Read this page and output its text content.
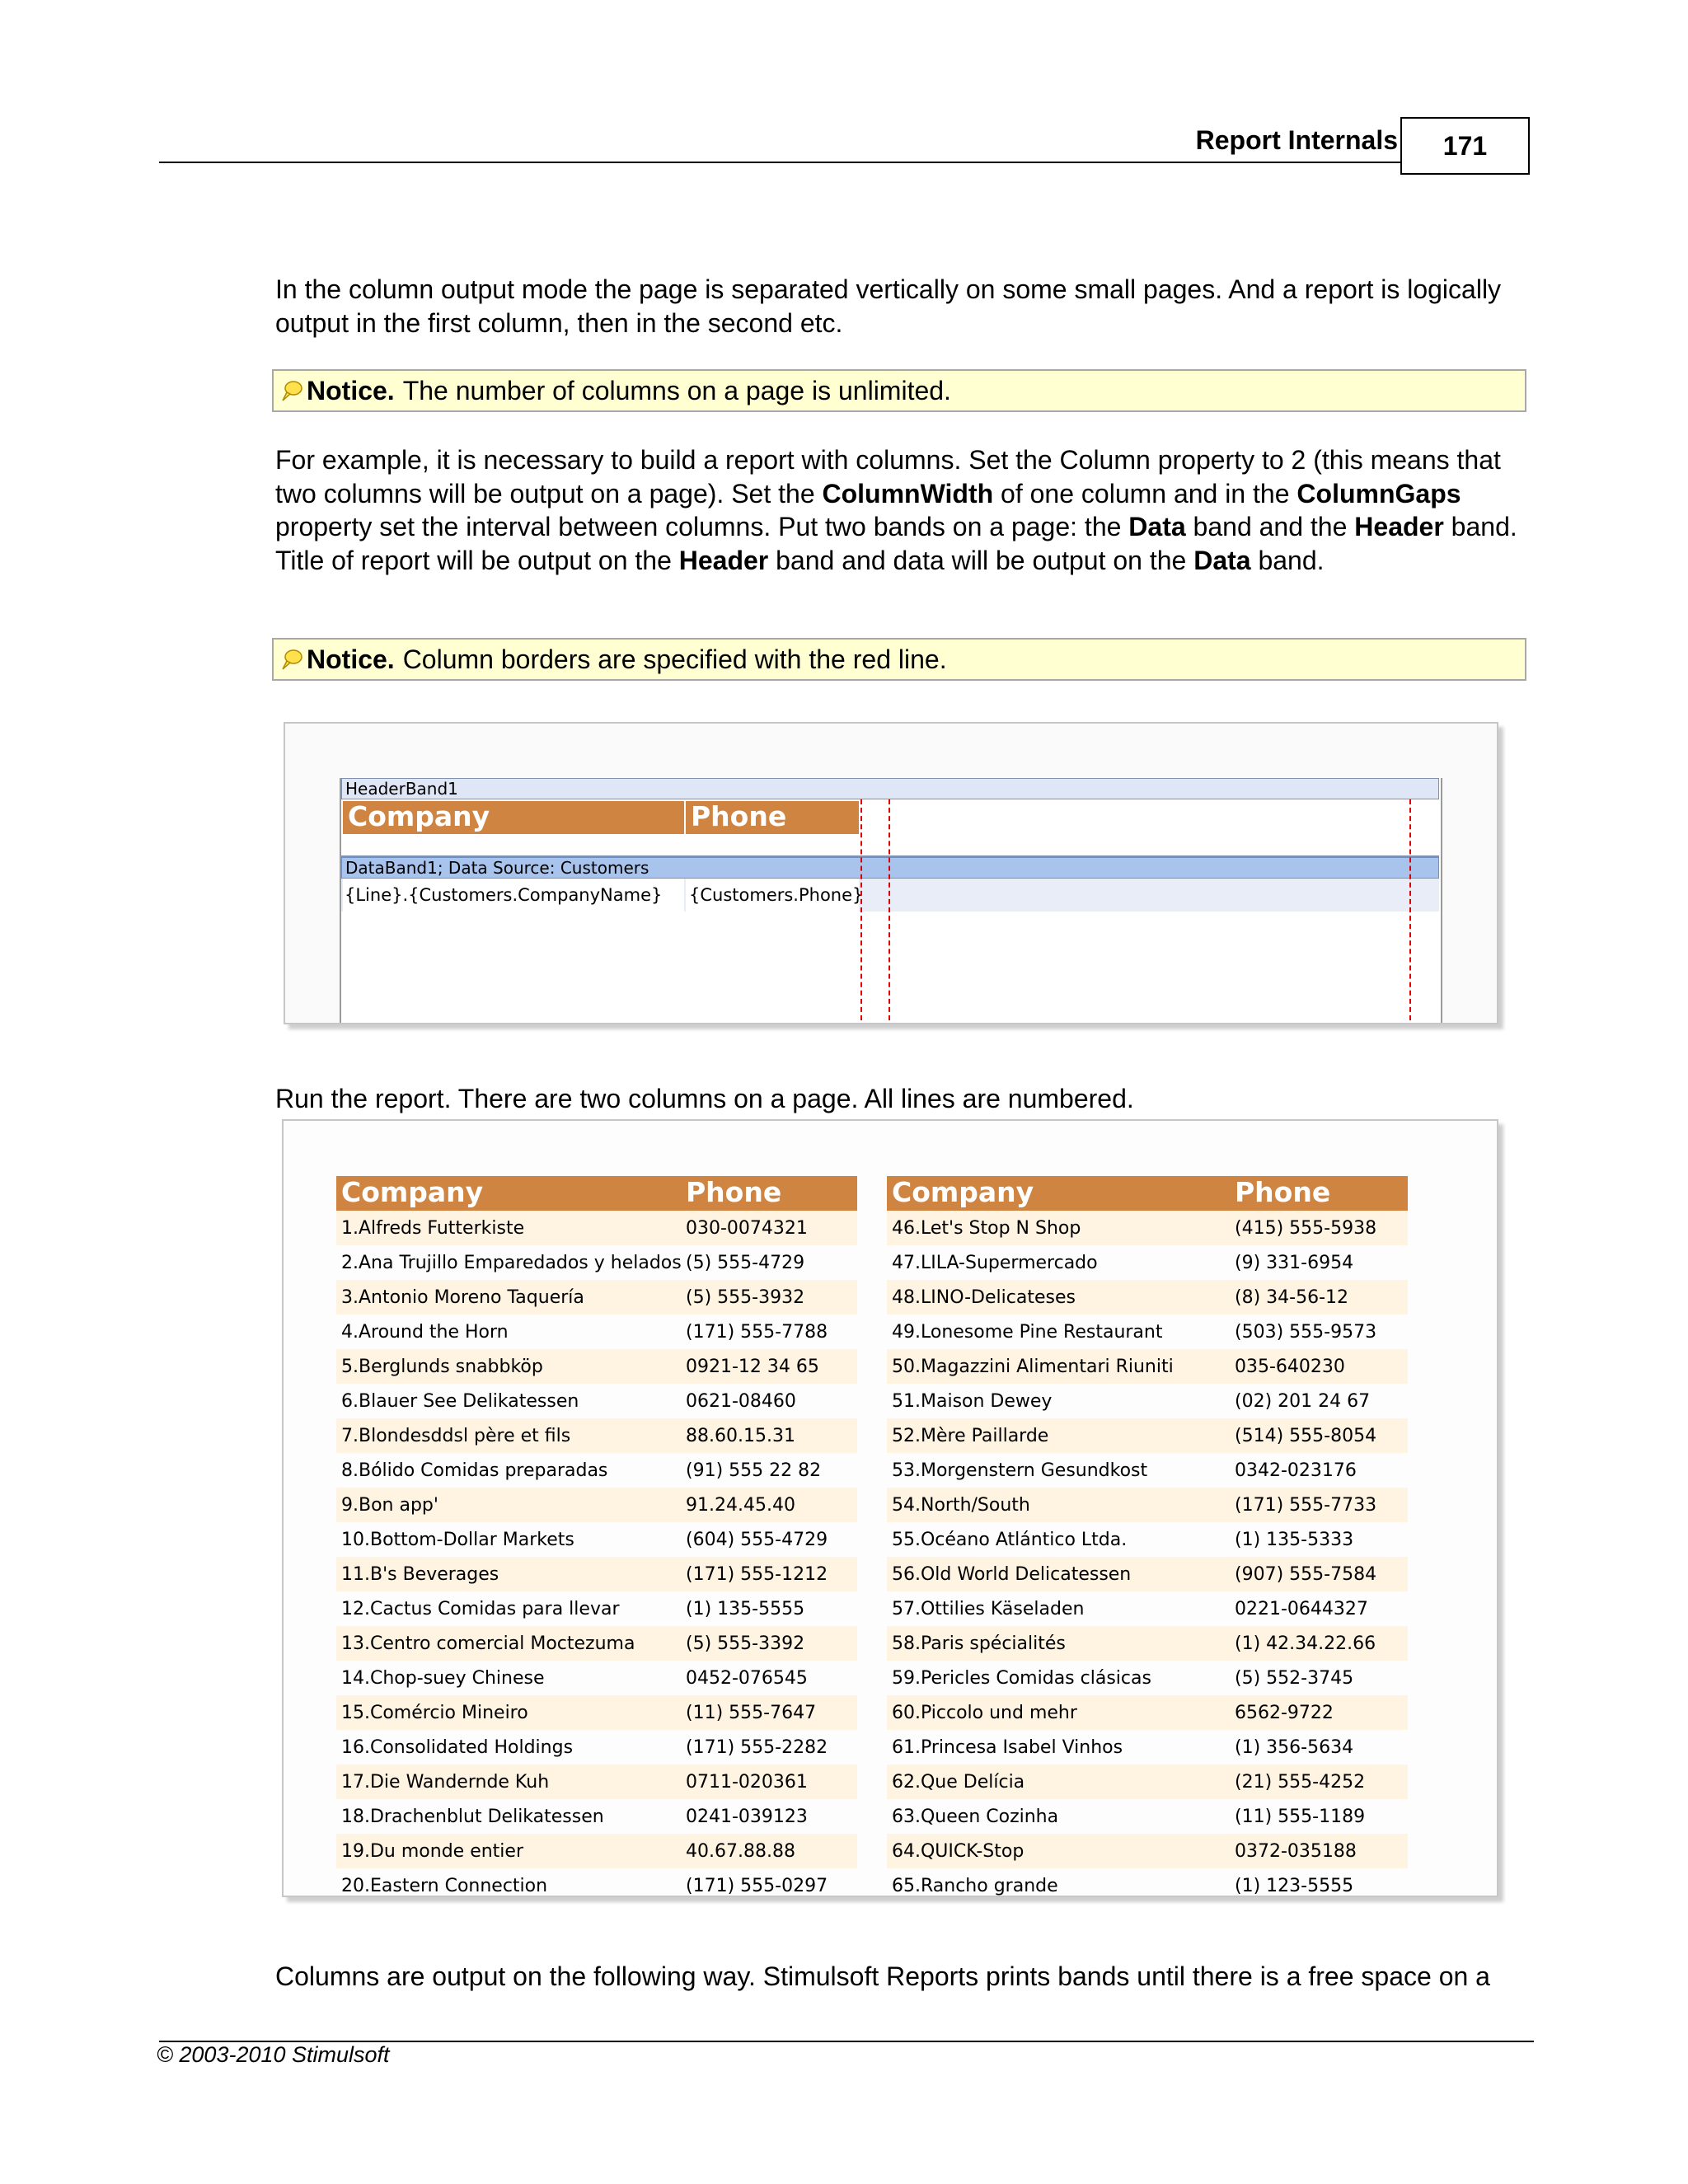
Report Internals	171
In the column output mode the page is separated vertically on some small pages. And a report is logically output in the first column, then in the second etc.
Notice. The number of columns on a page is unlimited.
For example, it is necessary to build a report with columns. Set the Column property to 2 (this means that two columns will be output on a page). Set the ColumnWidth of one column and in the ColumnGaps property set the interval between columns. Put two bands on a page: the Data band and the Header band. Title of report will be output on the Header band and data will be output on the Data band.
Notice. Column borders are specified with the red line.
HeaderBand1
Company	Phone
DataBand1; Data Source: Customers
{Line}.{Customers.CompanyName}	{Customers.Phone}
Run the report. There are two columns on a page. All lines are numbered.
Company	Phone
1.Alfreds Futterkiste	030-0074321
2.Ana Trujillo Emparedados y helados (5) 555-4729
3.Antonio Moreno Taquería	(5) 555-3932
4.Around the Horn	(171) 555-7788
5.Berglunds snabbköp	0921-12 34 65
6.Blauer See Delikatessen	0621-08460
7.Blondesddsl père et fils	88.60.15.31
8.Bólido Comidas preparadas	(91) 555 22 82
9.Bon app'	91.24.45.40
10.Bottom-Dollar Markets	(604) 555-4729
11.B's Beverages	(171) 555-1212
12.Cactus Comidas para llevar	(1) 135-5555
13.Centro comercial Moctezuma	(5) 555-3392
14.Chop-suey Chinese	0452-076545
15.Comércio Mineiro	(11) 555-7647
16.Consolidated Holdings	(171) 555-2282
17.Die Wandernde Kuh	0711-020361
18.Drachenblut Delikatessen	0241-039123
19.Du monde entier	40.67.88.88
20.Eastern Connection	(171) 555-0297
Company	Phone
46.Let's Stop N Shop	(415) 555-5938
47.LILA-Supermercado	(9) 331-6954
48.LINO-Delicateses	(8) 34-56-12
49.Lonesome Pine Restaurant	(503) 555-9573
50.Magazzini Alimentari Riuniti	035-640230
51.Maison Dewey	(02) 201 24 67
52.Mère Paillarde	(514) 555-8054
53.Morgenstern Gesundkost	0342-023176
54.North/South	(171) 555-7733
55.Océano Atlántico Ltda.	(1) 135-5333
56.Old World Delicatessen	(907) 555-7584
57.Ottilies Käseladen	0221-0644327
58.Paris spécialités	(1) 42.34.22.66
59.Pericles Comidas clásicas	(5) 552-3745
60.Piccolo und mehr	6562-9722
61.Princesa Isabel Vinhos	(1) 356-5634
62.Que Delícia	(21) 555-4252
63.Queen Cozinha	(11) 555-1189
64.QUICK-Stop	0372-035188
65.Rancho grande	(1) 123-5555
Columns are output on the following way. Stimulsoft Reports prints bands until there is a free space on a
© 2003-2010 Stimulsoft
